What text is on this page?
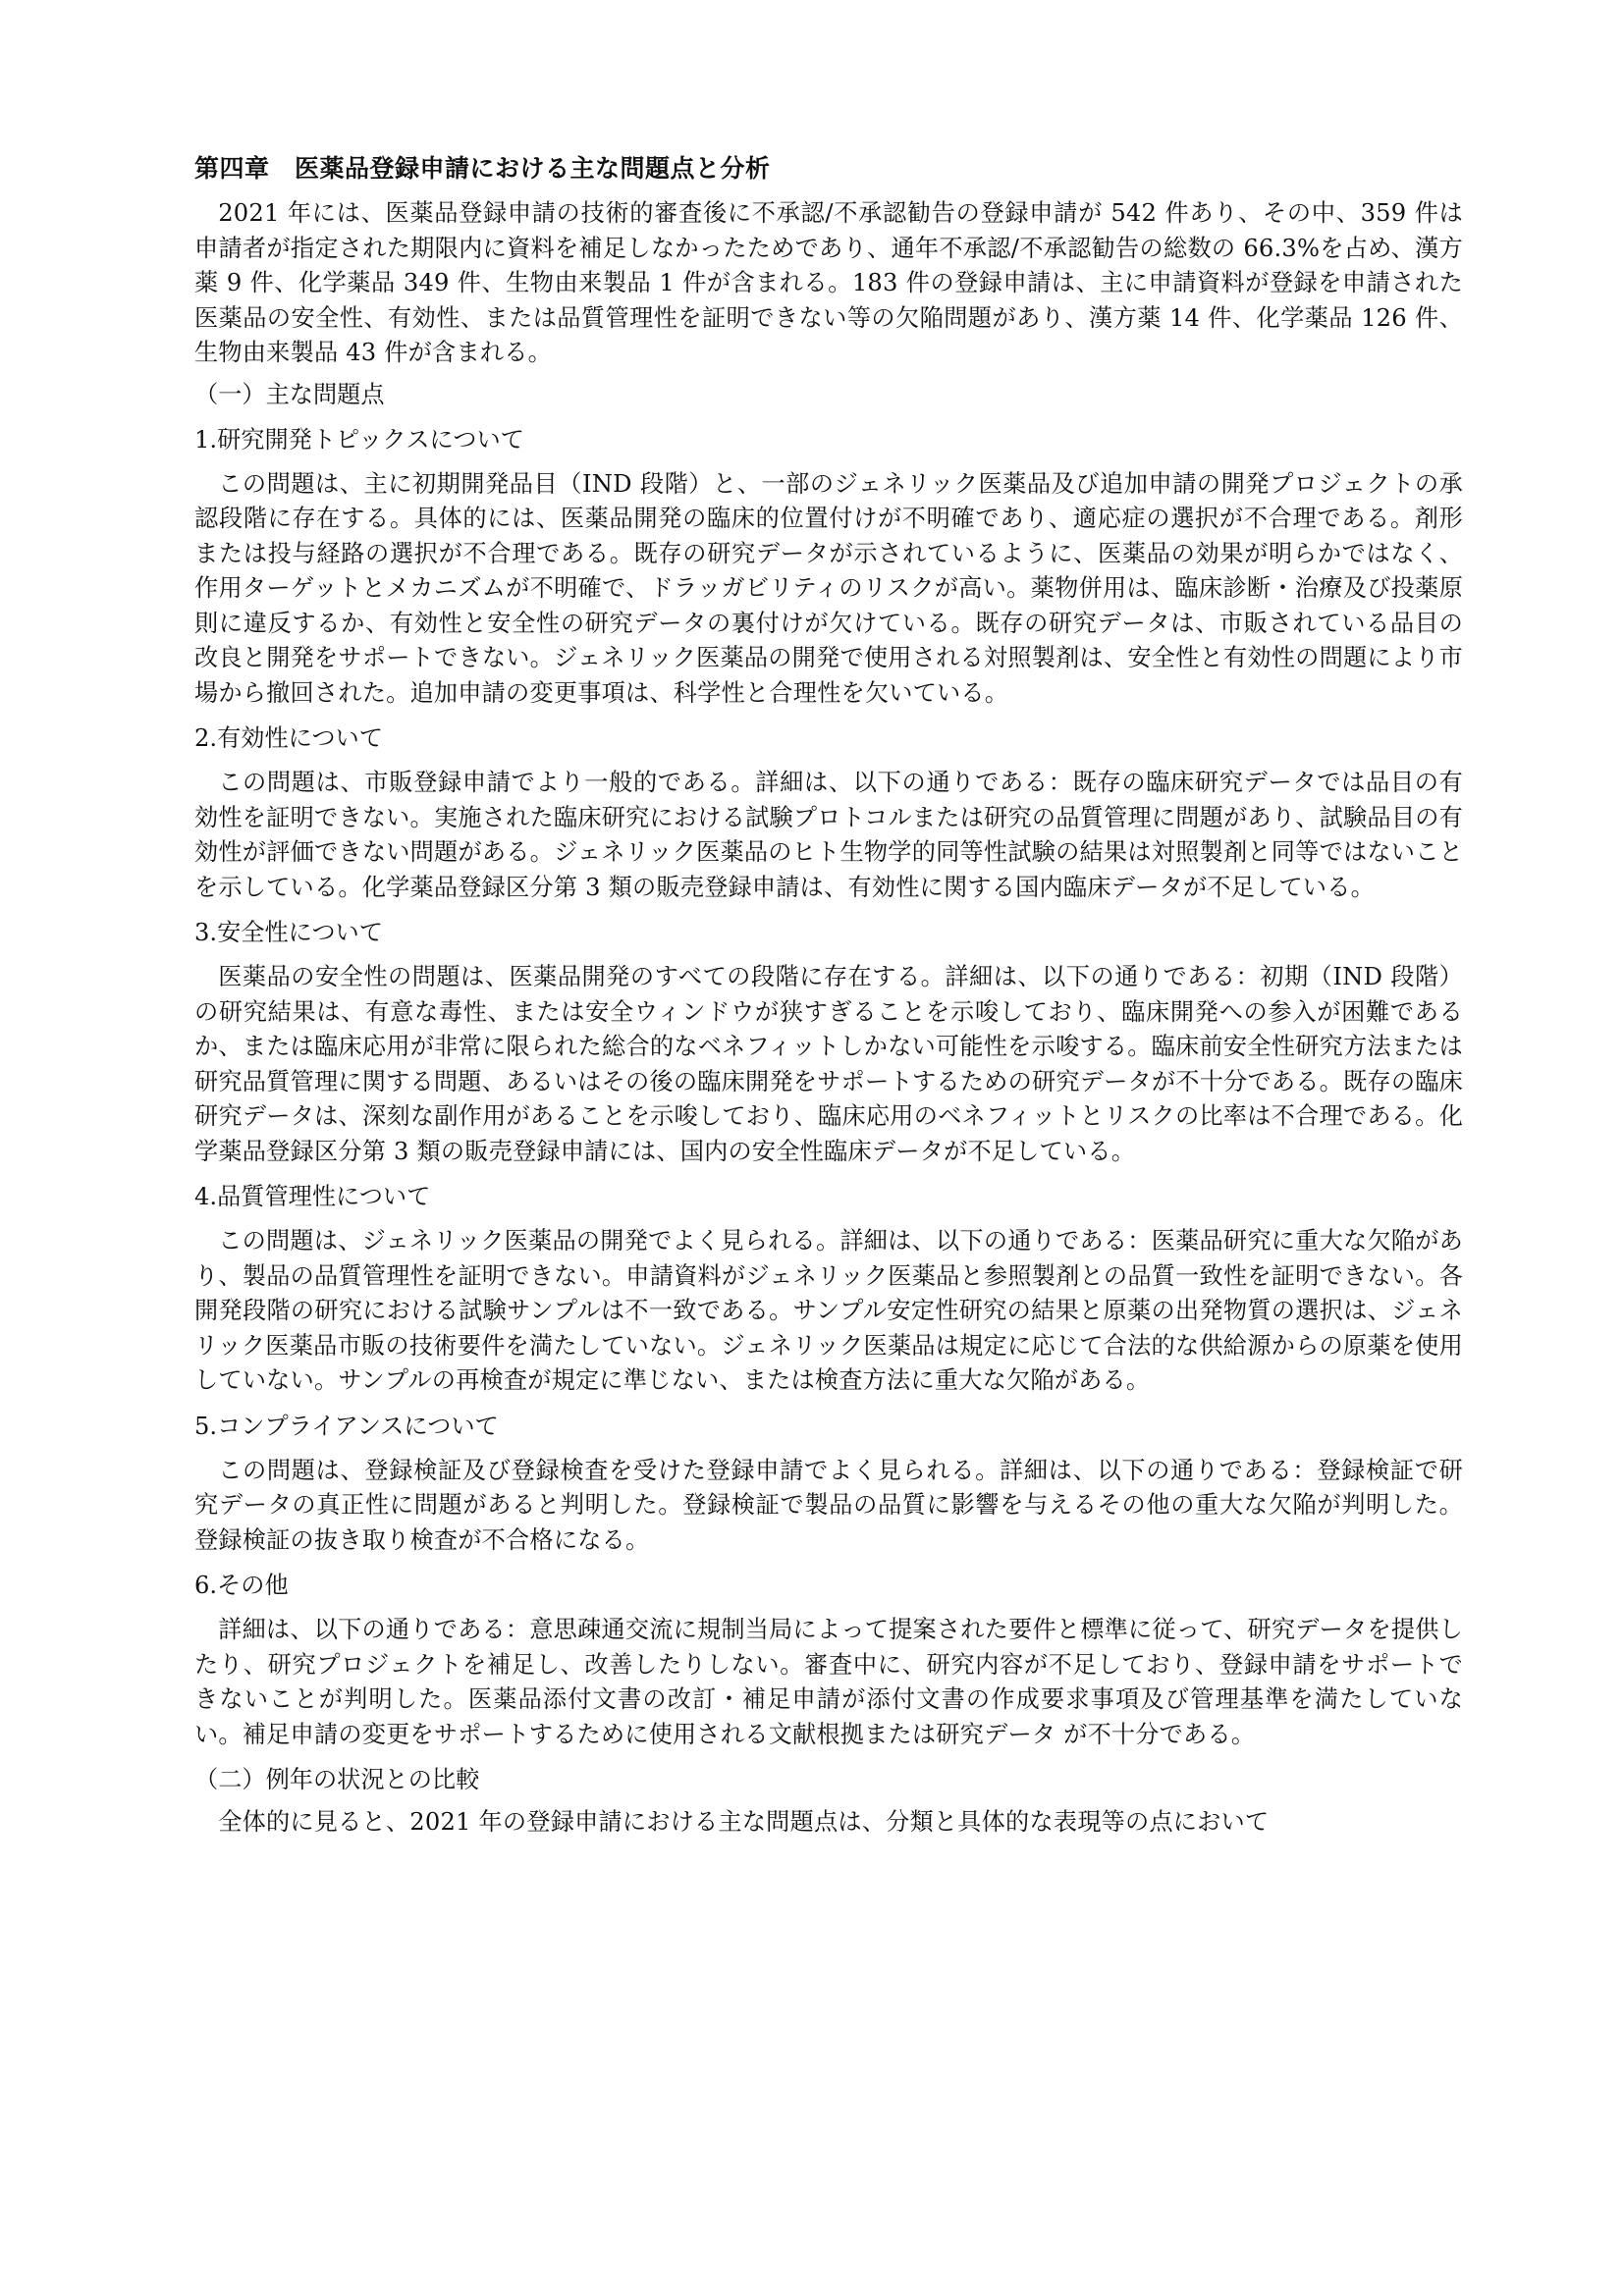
第四章　医薬品登録申請における主な問題点と分析

2021 年には、医薬品登録申請の技術的審査後に不承認/不承認勧告の登録申請が 542 件あり、その中、359 件は申請者が指定された期限内に資料を補足しなかったためであり、通年不承認/不承認勧告の総数の 66.3%を占め、漢方薬 9 件、化学薬品 349 件、生物由来製品 1 件が含まれる。183 件の登録申請は、主に申請資料が登録を申請された医薬品の安全性、有効性、または品質管理性を証明できない等の欠陥問題があり、漢方薬 14 件、化学薬品 126 件、生物由来製品 43 件が含まれる。

（一）主な問題点
1.研究開発トピックスについて

この問題は、主に初期開発品目（IND 段階）と、一部のジェネリック医薬品及び追加申請の開発プロジェクトの承認段階に存在する。具体的には、医薬品開発の臨床的位置付けが不明確であり、適応症の選択が不合理である。剤形または投与経路の選択が不合理である。既存の研究データが示されているように、医薬品の効果が明らかではなく、作用ターゲットとメカニズムが不明確で、ドラッガビリティのリスクが高い。薬物併用は、臨床診断・治療及び投薬原則に違反するか、有効性と安全性の研究データの裏付けが欠けている。既存の研究データは、市販されている品目の改良と開発をサポートできない。ジェネリック医薬品の開発で使用される対照製剤は、安全性と有効性の問題により市場から撤回された。追加申請の変更事項は、科学性と合理性を欠いている。

2.有効性について

この問題は、市販登録申請でより一般的である。詳細は、以下の通りである：既存の臨床研究データでは品目の有効性を証明できない。実施された臨床研究における試験プロトコルまたは研究の品質管理に問題があり、試験品目の有効性が評価できない問題がある。ジェネリック医薬品のヒト生物学的同等性試験の結果は対照製剤と同等ではないことを示している。化学薬品登録区分第 3 類の販売登録申請は、有効性に関する国内臨床データが不足している。

3.安全性について

医薬品の安全性の問題は、医薬品開発のすべての段階に存在する。詳細は、以下の通りである：初期（IND 段階）の研究結果は、有意な毒性、または安全ウィンドウが狭すぎることを示唆しており、臨床開発への参入が困難であるか、または臨床応用が非常に限られた総合的なベネフィットしかない可能性を示唆する。臨床前安全性研究方法または研究品質管理に関する問題、あるいはその後の臨床開発をサポートするための研究データが不十分である。既存の臨床研究データは、深刻な副作用があることを示唆しており、臨床応用のベネフィットとリスクの比率は不合理である。化学薬品登録区分第 3 類の販売登録申請には、国内の安全性臨床データが不足している。

4.品質管理性について

この問題は、ジェネリック医薬品の開発でよく見られる。詳細は、以下の通りである：医薬品研究に重大な欠陥があり、製品の品質管理性を証明できない。申請資料がジェネリック医薬品と参照製剤との品質一致性を証明できない。各開発段階の研究における試験サンプルは不一致である。サンプル安定性研究の結果と原薬の出発物質の選択は、ジェネリック医薬品市販の技術要件を満たしていない。ジェネリック医薬品は規定に応じて合法的な供給源からの原薬を使用していない。サンプルの再検査が規定に準じない、または検査方法に重大な欠陥がある。

5.コンプライアンスについて

この問題は、登録検証及び登録検査を受けた登録申請でよく見られる。詳細は、以下の通りである：登録検証で研究データの真正性に問題があると判明した。登録検証で製品の品質に影響を与えるその他の重大な欠陥が判明した。登録検証の抜き取り検査が不合格になる。

6.その他

詳細は、以下の通りである：意思疎通交流に規制当局によって提案された要件と標準に従って、研究データを提供したり、研究プロジェクトを補足し、改善したりしない。審査中に、研究内容が不足しており、登録申請をサポートできないことが判明した。医薬品添付文書の改訂・補足申請が添付文書の作成要求事項及び管理基準を満たしていない。補足申請の変更をサポートするために使用される文献根拠または研究データ が不十分である。

（二）例年の状況との比較

全体的に見ると、2021 年の登録申請における主な問題点は、分類と具体的な表現等の点において
